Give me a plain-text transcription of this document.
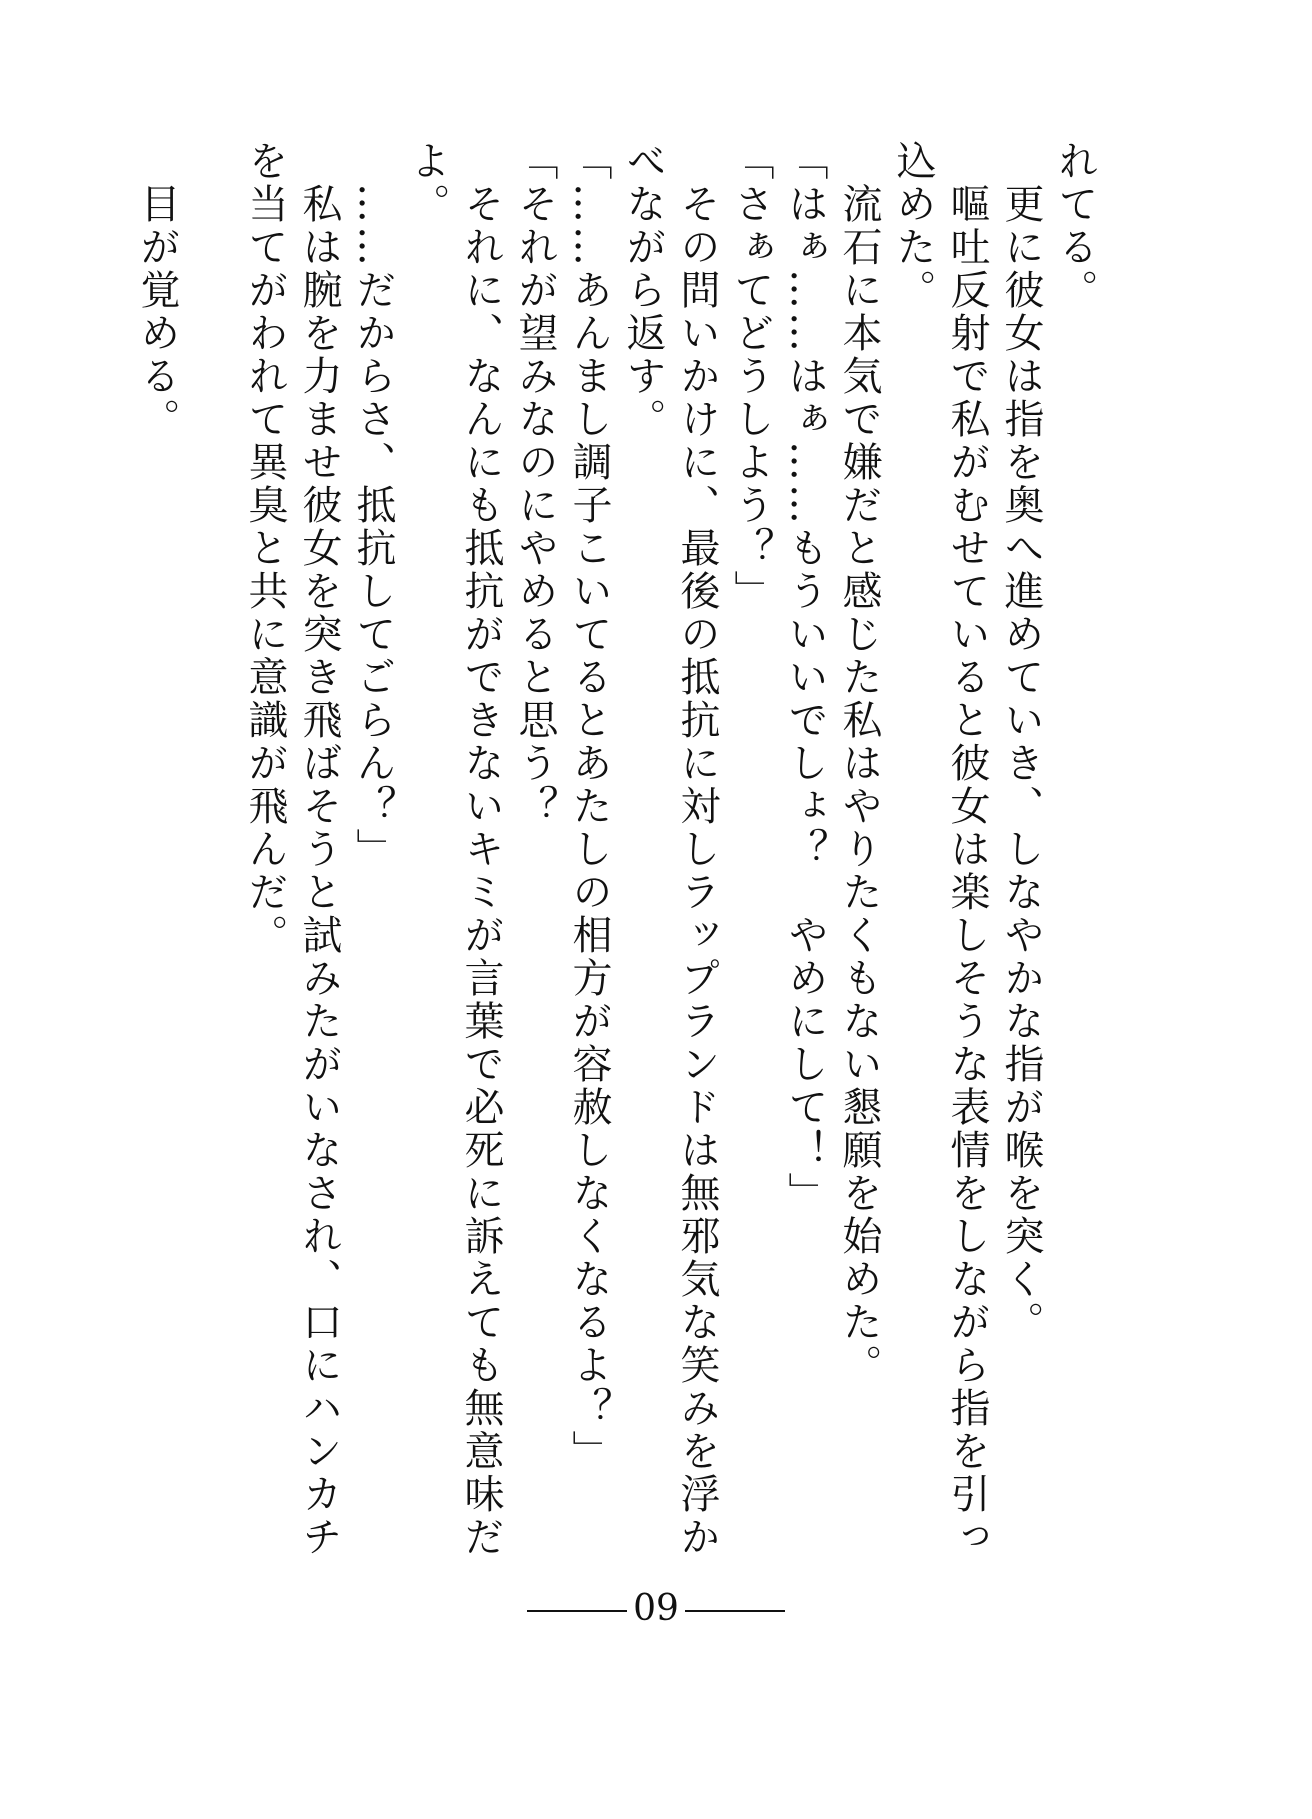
れてる。

　更に彼女は指を奥へ進めていき、しなやかな指が喉を突く。

　嘔吐反射で私がむせていると彼女は楽しそうな表情をしながら指を引っ込めた。

　流石に本気で嫌だと感じた私はやりたくもない懇願を始めた。

「はぁ……はぁ……もういいでしょ？　やめにして！」

「さぁてどうしよう？」

　その問いかけに、最後の抵抗に対しラップランドは無邪気な笑みを浮かべながら返す。

「……あんまし調子こいてるとあたしの相方が容赦しなくなるよ？」

「それが望みなのにやめると思う？

　それに、なんにも抵抗ができないキミが言葉で必死に訴えても無意味だよ。

　……だからさ、抵抗してごらん？」

　私は腕を力ませ彼女を突き飛ばそうと試みたがいなされ、口にハンカチを当てがわれて異臭と共に意識が飛んだ。

　目が覚める。

09
